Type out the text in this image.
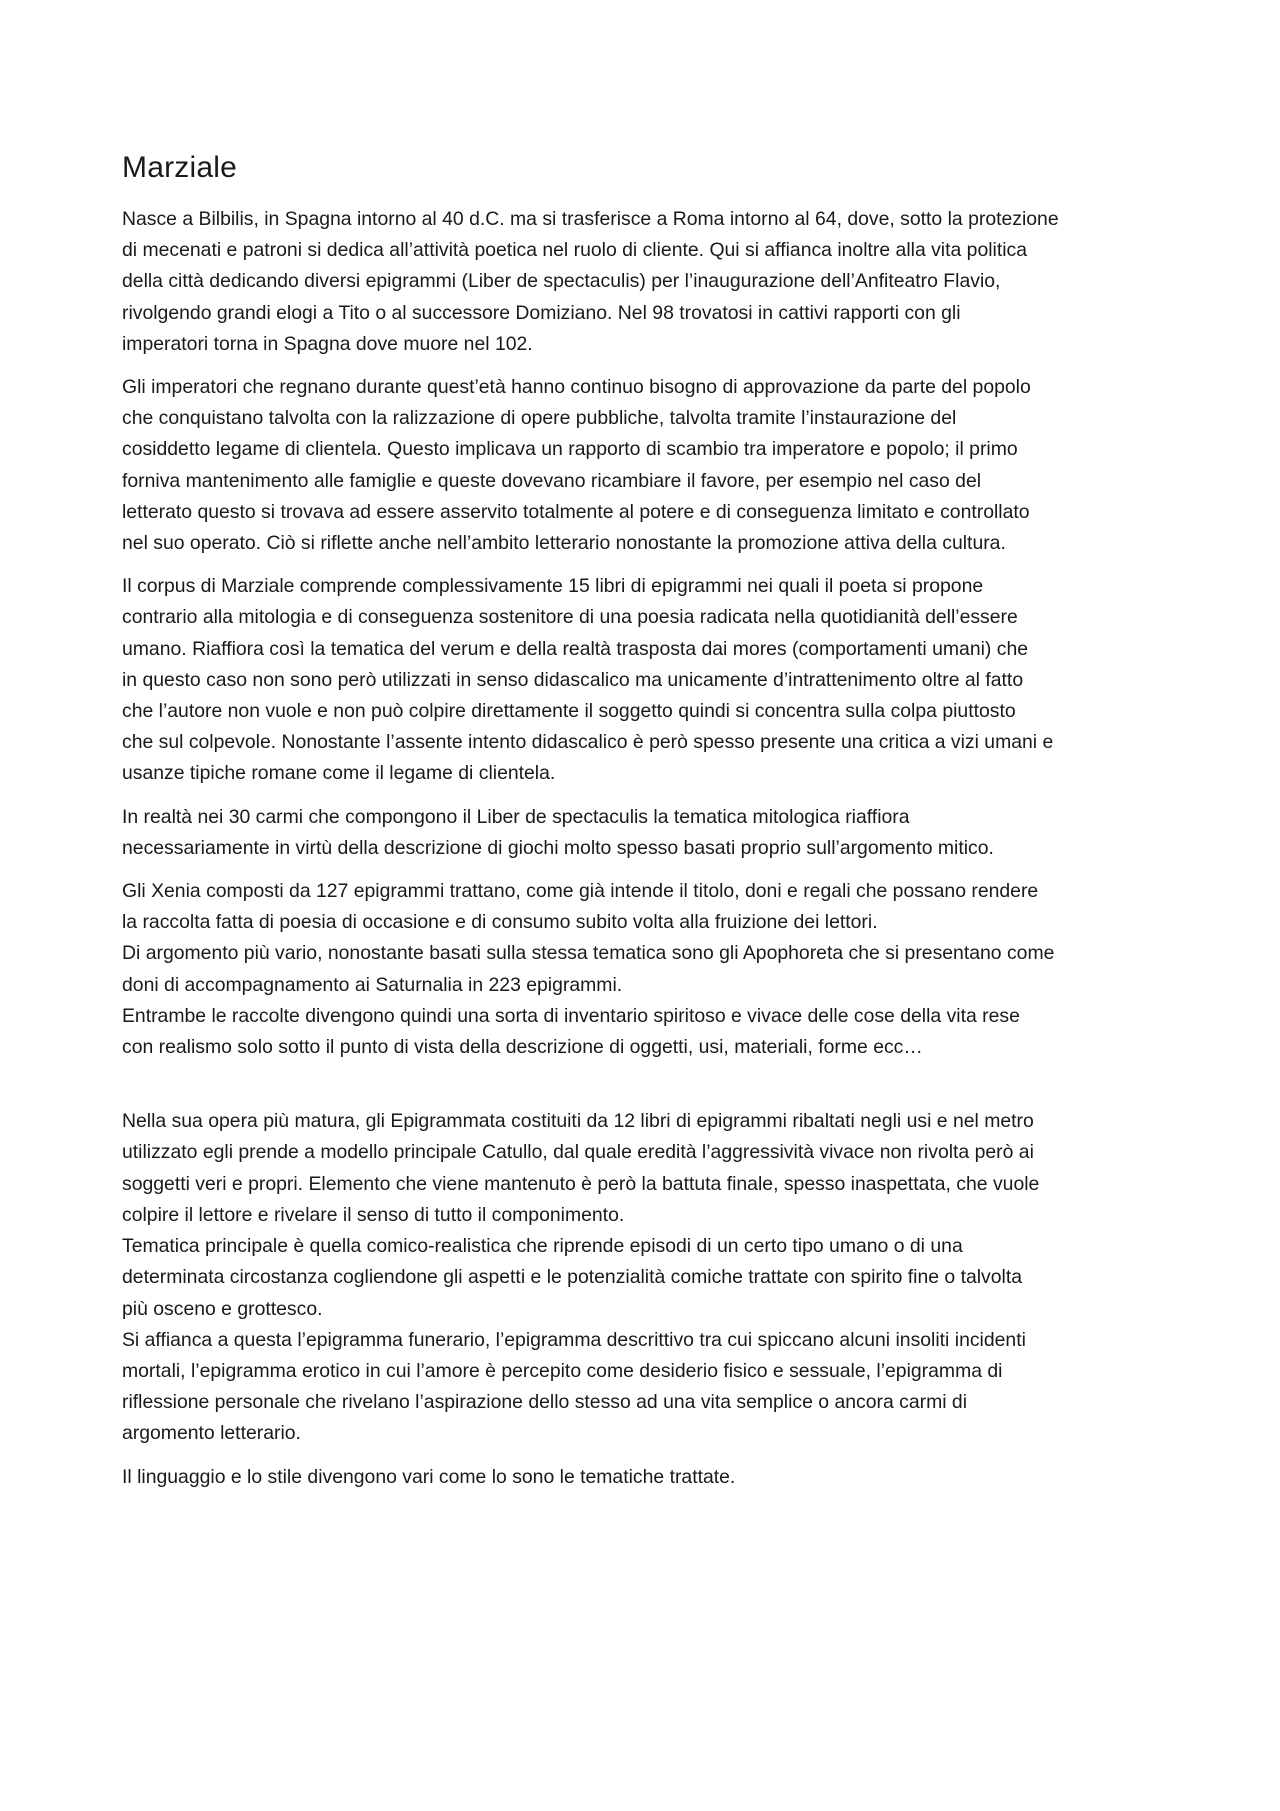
Marziale

Nasce a Bilbilis, in Spagna intorno al 40 d.C. ma si trasferisce a Roma intorno al 64, dove, sotto la protezione
di mecenati e patroni si dedica all’attività poetica nel ruolo di cliente. Qui si affianca inoltre alla vita politica
della città dedicando diversi epigrammi (Liber de spectaculis) per l’inaugurazione dell’Anfiteatro Flavio,
rivolgendo grandi elogi a Tito o al successore Domiziano. Nel 98 trovatosi in cattivi rapporti con gli
imperatori torna in Spagna dove muore nel 102.

Gli imperatori che regnano durante quest’età hanno continuo bisogno di approvazione da parte del popolo
che conquistano talvolta con la ralizzazione di opere pubbliche, talvolta tramite l’instaurazione del
cosiddetto legame di clientela. Questo implicava un rapporto di scambio tra imperatore e popolo; il primo
forniva mantenimento alle famiglie e queste dovevano ricambiare il favore, per esempio nel caso del
letterato questo si trovava ad essere asservito totalmente al potere e di conseguenza limitato e controllato
nel suo operato. Ciò si riflette anche nell’ambito letterario nonostante la promozione attiva della cultura.

Il corpus di Marziale comprende complessivamente 15 libri di epigrammi nei quali il poeta si propone
contrario alla mitologia e di conseguenza sostenitore di una poesia radicata nella quotidianità dell’essere
umano. Riaffiora così la tematica del verum e della realtà trasposta dai mores (comportamenti umani) che
in questo caso non sono però utilizzati in senso didascalico ma unicamente d’intrattenimento oltre al fatto
che l’autore non vuole e non può colpire direttamente il soggetto quindi si concentra sulla colpa piuttosto
che sul colpevole. Nonostante l’assente intento didascalico è però spesso presente una critica a vizi umani e
usanze tipiche romane come il legame di clientela.

In realtà nei 30 carmi che compongono il Liber de spectaculis la tematica mitologica riaffiora
necessariamente in virtù della descrizione di giochi molto spesso basati proprio sull’argomento mitico.

Gli Xenia composti da 127 epigrammi trattano, come già intende il titolo, doni e regali che possano rendere
la raccolta fatta di poesia di occasione e di consumo subito volta alla fruizione dei lettori.
Di argomento più vario, nonostante basati sulla stessa tematica sono gli Apophoreta che si presentano come
doni di accompagnamento ai Saturnalia in 223 epigrammi.
Entrambe le raccolte divengono quindi una sorta di inventario spiritoso e vivace delle cose della vita rese
con realismo solo sotto il punto di vista della descrizione di oggetti, usi, materiali, forme ecc…

Nella sua opera più matura, gli Epigrammata costituiti da 12 libri di epigrammi ribaltati negli usi e nel metro
utilizzato egli prende a modello principale Catullo, dal quale eredità l’aggressività vivace non rivolta però ai
soggetti veri e propri. Elemento che viene mantenuto è però la battuta finale, spesso inaspettata, che vuole
colpire il lettore e rivelare il senso di tutto il componimento.
Tematica principale è quella comico-realistica che riprende episodi di un certo tipo umano o di una
determinata circostanza cogliendone gli aspetti e le potenzialità comiche trattate con spirito fine o talvolta
più osceno e grottesco.
Si affianca a questa l’epigramma funerario, l’epigramma descrittivo tra cui spiccano alcuni insoliti incidenti
mortali, l’epigramma erotico in cui l’amore è percepito come desiderio fisico e sessuale, l’epigramma di
riflessione personale che rivelano l’aspirazione dello stesso ad una vita semplice o ancora carmi di
argomento letterario.

Il linguaggio e lo stile divengono vari come lo sono le tematiche trattate.
